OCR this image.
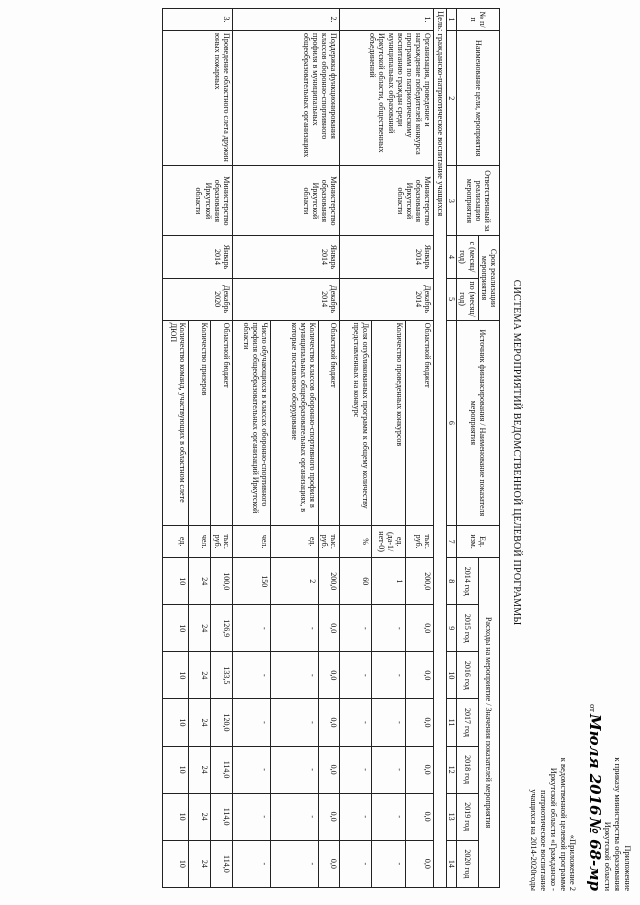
Приложение
к приказу министерства образования
Иркутской области
от Мюля 2016 № 68-мр
«Приложение 2
к ведомственной целевой программе
Иркутской области «Гражданско -
патриотическое воспитание
учащихся на 2014-2020годы
СИСТЕМА МЕРОПРИЯТИЙ ВЕДОМСТВЕННОЙ ЦЕЛЕВОЙ ПРОГРАММЫ
№ п/п	Наименование цели, мероприятия	Ответственный за реализацию мероприятия	Срок реализации мероприятия		Источник финансирования / Наименование показателя мероприятия	Ед. изм.	Расходы на мероприятие / Значения показателей мероприятия						
			с (месяц/ год)	по (месяц/ год)			2014 год	2015 год	2016 год	2017 год	2018 год	2019 год	2020 год
1	2	3	4	5	6	7	8	9	10	11	12	13	14
Цель: гражданско-патриотическое воспитание учащихся													
1.	Организация, проведение и награждение победителей конкурса программ по патриотическому воспитанию граждан среди муниципальных образований Иркутской области, общественных объединений	Министерство образования Иркутской области	Январь 2014	Декабрь 2014	Областной бюджет	тыс. руб.	200,0	0,0	0,0	0,0	0,0	0,0	0,0
					Количество проведенных конкурсов	ед. (да-1/ нет-0)	1	-	-	-	-	-	-
					Доля опубликованных программ к общему количеству представленных на конкурс	%	60	-	-	-	-	-	-
2.	Поддержка функционирования классов оборонно-спортивного профиля в муниципальных общеобразовательных организациях	Министерство образования Иркутской области	Январь 2014	Декабрь 2014	Областной бюджет	тыс. руб.	200,0	0,0	0,0	0,0	0,0	0,0	0,0
					Количество классов оборонно-спортивного профиля в муниципальных общеобразовательных организациях, в которые поставлено оборудование	ед.	2	-	-	-	-	-	-
					Число обучающихся в классах оборонно-спортивного профиля общеобразовательных организаций Иркутской области	чел.	150	-	-	-	-	-	-
3.	Проведение областного слета дружин юных пожарных	Министерство образования Иркутской области	Январь 2014	Декабрь 2020	Областной бюджет	тыс. руб.	100,0	126,9	133,5	120,0	114,0	114,0	114,0
					Количество призеров	чел.	24	24	24	24	24	24	24
					Количество команд, участвующих в областном слете ДЮП	ед.	10	10	10	10	10	10	10
